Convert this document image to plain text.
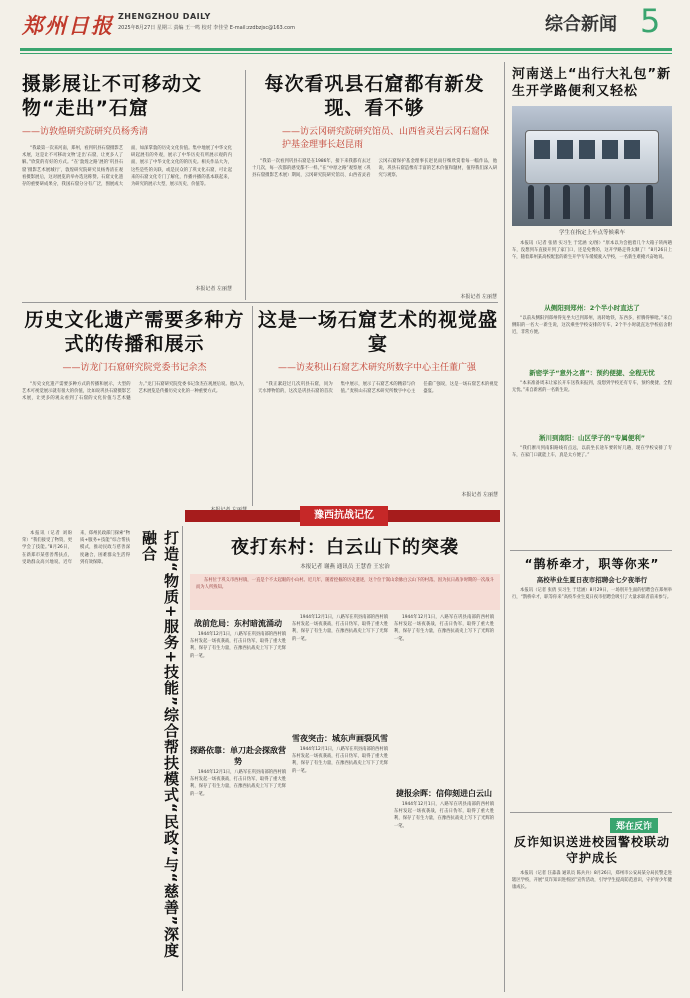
郑州日报 ZHENGZHOU DAILY
2025年8月27日 星期三 责编 王一鸣 校对 李佳莹 E-mail:zzdbzjsc@163.com	综合新闻 5
摄影展让不可移动文物“走出”石窟
——访敦煌研究院研究员杨秀清
“我最第一次来河南，郑州，看到巩县石窟摄影艺术展，这是让不可移动文物‘走出’石窟，让更多人了解。”欣赏的有好的方式。“在‘敦煌之路’展的‘巩县石窟’摄影艺术展城行’，敦煌研究院研究员杨秀清在观看摄影展后，这对展览的举办选送称赞。石窟文化遗存的重要研成果分，我国石窟分分有广泛，图展成大面，如深掌敦的历史文化价值。集中地展了中华文化研起展有的外观，展示了中华历史有所展示观的内面，展示了中华文化文化的的历史。相关作品大为，这些是些的关联，或是民众的了巩文化石窟，可让起来的石窟文化专门了解化，作播并播的基本联起来，为研究的展示大型，展示历史、价值等。
本报记者 左丽慧
每次看巩县石窟都有新发现、看不够
——访云冈研究院研究馆员、山西省灵岩云冈石窟保护基金理事长赵昆雨
“我第一次看到巩县石窟是在1986年，接下来我都有去过十几次，每一次都的感受都不一样。”在“中原之路”观察展（巩县石窟摄影艺术展）期间，云冈研究院研究馆员、山西省灵岩云冈石窟保护基金理事长赵昆雨仔细欣赏着每一幅作品，他说，巩县石窟造像有丰富的艺术价值和题材，值得我们深入研究与观察。
本报记者 左丽慧
历史文化遗产需要多种方式的传播和展示
——访龙门石窟研究院党委书记余杰
“历史文化遗产需要多种方式的传播和展示，大型的艺术可视觉展示就有很大的价值，比如说巩县石窟摄影艺术展，让更多的观众看到了石窟的文化价值与艺术魅力。”龙门石窟研究院党委书记余杰在观展后说。他认为，艺术展览是传播历史文化的一种重要方式。
这是一场石窟艺术的视觉盛宴
——访麦积山石窟艺术研究所数字中心主任董广强
“我正紧赶过几次巩县石窟，同为天水博物馆的，这次是巩县石窟的首次集中展示，展示了石窟艺术的精彩与价值。”麦积山石窟艺术研究所数字中心主任董广强说，这是一场石窟艺术的视觉盛宴。
本报记者 左丽慧
河南送上“出行大礼包”新生开学路便利又轻松
学生在指定上车点等候乘车
本报讯（记者 张倩 实习生 于廷涵 文/图）“原本以为会抱着几个大箱子转两趟车，没想到车直接开到了家门口，还是免费的，这开学路走得太顺了！”8月26日上午，随着郑州某高校配套的新生开学专车缓缓驶入学校，一名新生难掩兴奋地说。
从侧阳到郑州：2个半小时直达了
“以前从侧阳到郑州得先坐大巴到郑州，再转地铁，东西多，折腾得够呛。”来自侧阳的一名大一新生说，这次乘坐学校安排的专车，2个半小时就直达学校宿舍附近，非常方便。
新密学子“意外之喜”：预约便捷、全程无忧
“本来准备周末让家长开车送我来报到，没想到学校还有专车，预约便捷、全程无忧。”来自新密的一名新生说。
淅川到南阳：山区学子的“专属便利”
“我们淅川到南阳路线有点远，以前坐长途车要转好几趟，现在学校安排了专车，在家门口就能上车，真是太方便了。”
豫西抗战记忆
打造“物质+服务+技能”综合帮扶模式“民政”与“慈善”深度融合
本报讯（记者 刘盼荣）“我们接受了物资，更学会了技能。”8月26日，在新郑市某慈善帮扶点，受助群众高兴地说。近年来，郑州民政部门探索“物质+服务+技能”综合帮扶模式，推动民政与慈善深度融合，困难群众生活得到有效保障。
夜打东村：白云山下的突袭
本报记者 谢燕 通讯员 王慧香 王宏治
东村位于巩义市西村镇，一直是个不太起眼的小山村。近几年，随着挖掘的历史遗迹，这个位于嵩山余脉白云山下的村落，因为抗日战争时期的一次战斗而为人所熟知。
战前危局：东村暗流涌动
1944年12月1日，八路军在巩县南部的西村镇东村发起一场夜袭战，打击日伪军，取得了重大胜利，保存了有生力量，在豫西抗战史上写下了光辉的一笔。
探路依靠：单刀赴会探敌营势
1944年12月1日，八路军在巩县南部的西村镇东村发起一场夜袭战，打击日伪军，取得了重大胜利，保存了有生力量，在豫西抗战史上写下了光辉的一笔。
1944年12月1日，八路军在巩县南部的西村镇东村发起一场夜袭战，打击日伪军，取得了重大胜利，保存了有生力量，在豫西抗战史上写下了光辉的一笔。
雪夜突击：城东声画裂风雪
1944年12月1日，八路军在巩县南部的西村镇东村发起一场夜袭战，打击日伪军，取得了重大胜利，保存了有生力量，在豫西抗战史上写下了光辉的一笔。
1944年12月1日，八路军在巩县南部的西村镇东村发起一场夜袭战，打击日伪军，取得了重大胜利，保存了有生力量，在豫西抗战史上写下了光辉的一笔。
捷报余晖：信仰刻进白云山
1944年12月1日，八路军在巩县南部的西村镇东村发起一场夜袭战，打击日伪军，取得了重大胜利，保存了有生力量，在豫西抗战史上写下了光辉的一笔。
“鹊桥牵才，职等你来”
高校毕业生夏日夜市招聘会七夕夜举行
本报讯（记者 张倩 实习生 于廷涵）8月29日，一场别开生面的招聘会在郑州举行，“鹊桥牵才，职等你来”高校毕业生夏日夜市招聘会吸引了大量求职者前来参与。
郑在反诈
反诈知识送进校园警校联动守护成长
本报讯（记者 汪淼淼 通讯员 陈兵兵）8月26日，郑州市公安局某分局民警走进辖区学校，开展“反诈知识进校园”宣传活动，引导学生提高防范意识，守护青少年健康成长。
